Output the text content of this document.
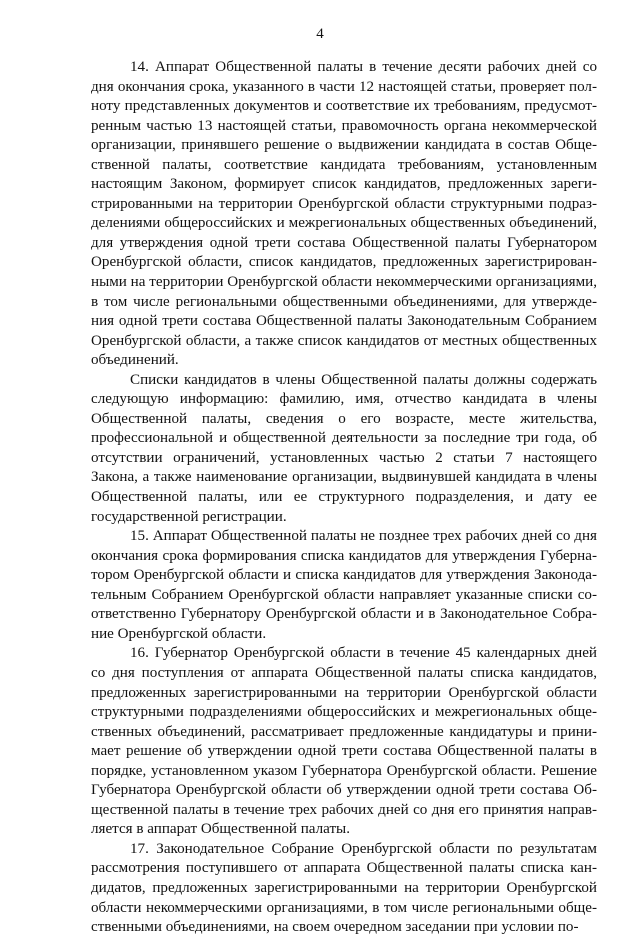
4

14. Аппарат Общественной палаты в течение десяти рабочих дней со дня окончания срока, указанного в части 12 настоящей статьи, проверяет полноту представленных документов и соответствие их требованиям, предусмотренным частью 13 настоящей статьи, правомочность органа некоммерческой организации, принявшего решение о выдвижении кандидата в состав Общественной палаты, соответствие кандидата требованиям, установленным настоящим Законом, формирует список кандидатов, предложенных зарегистрированными на территории Оренбургской области структурными подразделениями общероссийских и межрегиональных общественных объединений, для утверждения одной трети состава Общественной палаты Губернатором Оренбургской области, список кандидатов, предложенных зарегистрированными на территории Оренбургской области некоммерческими организациями, в том числе региональными общественными объединениями, для утверждения одной трети состава Общественной палаты Законодательным Собранием Оренбургской области, а также список кандидатов от местных общественных объединений.

Списки кандидатов в члены Общественной палаты должны содержать следующую информацию: фамилию, имя, отчество кандидата в члены Общественной палаты, сведения о его возрасте, месте жительства, профессиональной и общественной деятельности за последние три года, об отсутствии ограничений, установленных частью 2 статьи 7 настоящего Закона, а также наименование организации, выдвинувшей кандидата в члены Общественной палаты, или ее структурного подразделения, и дату ее государственной регистрации.

15. Аппарат Общественной палаты не позднее трех рабочих дней со дня окончания срока формирования списка кандидатов для утверждения Губернатором Оренбургской области и списка кандидатов для утверждения Законодательным Собранием Оренбургской области направляет указанные списки соответственно Губернатору Оренбургской области и в Законодательное Собрание Оренбургской области.

16. Губернатор Оренбургской области в течение 45 календарных дней со дня поступления от аппарата Общественной палаты списка кандидатов, предложенных зарегистрированными на территории Оренбургской области структурными подразделениями общероссийских и межрегиональных общественных объединений, рассматривает предложенные кандидатуры и принимает решение об утверждении одной трети состава Общественной палаты в порядке, установленном указом Губернатора Оренбургской области. Решение Губернатора Оренбургской области об утверждении одной трети состава Общественной палаты в течение трех рабочих дней со дня его принятия направляется в аппарат Общественной палаты.

17. Законодательное Собрание Оренбургской области по результатам рассмотрения поступившего от аппарата Общественной палаты списка кандидатов, предложенных зарегистрированными на территории Оренбургской области некоммерческими организациями, в том числе региональными общественными объединениями, на своем очередном заседании при условии по-
